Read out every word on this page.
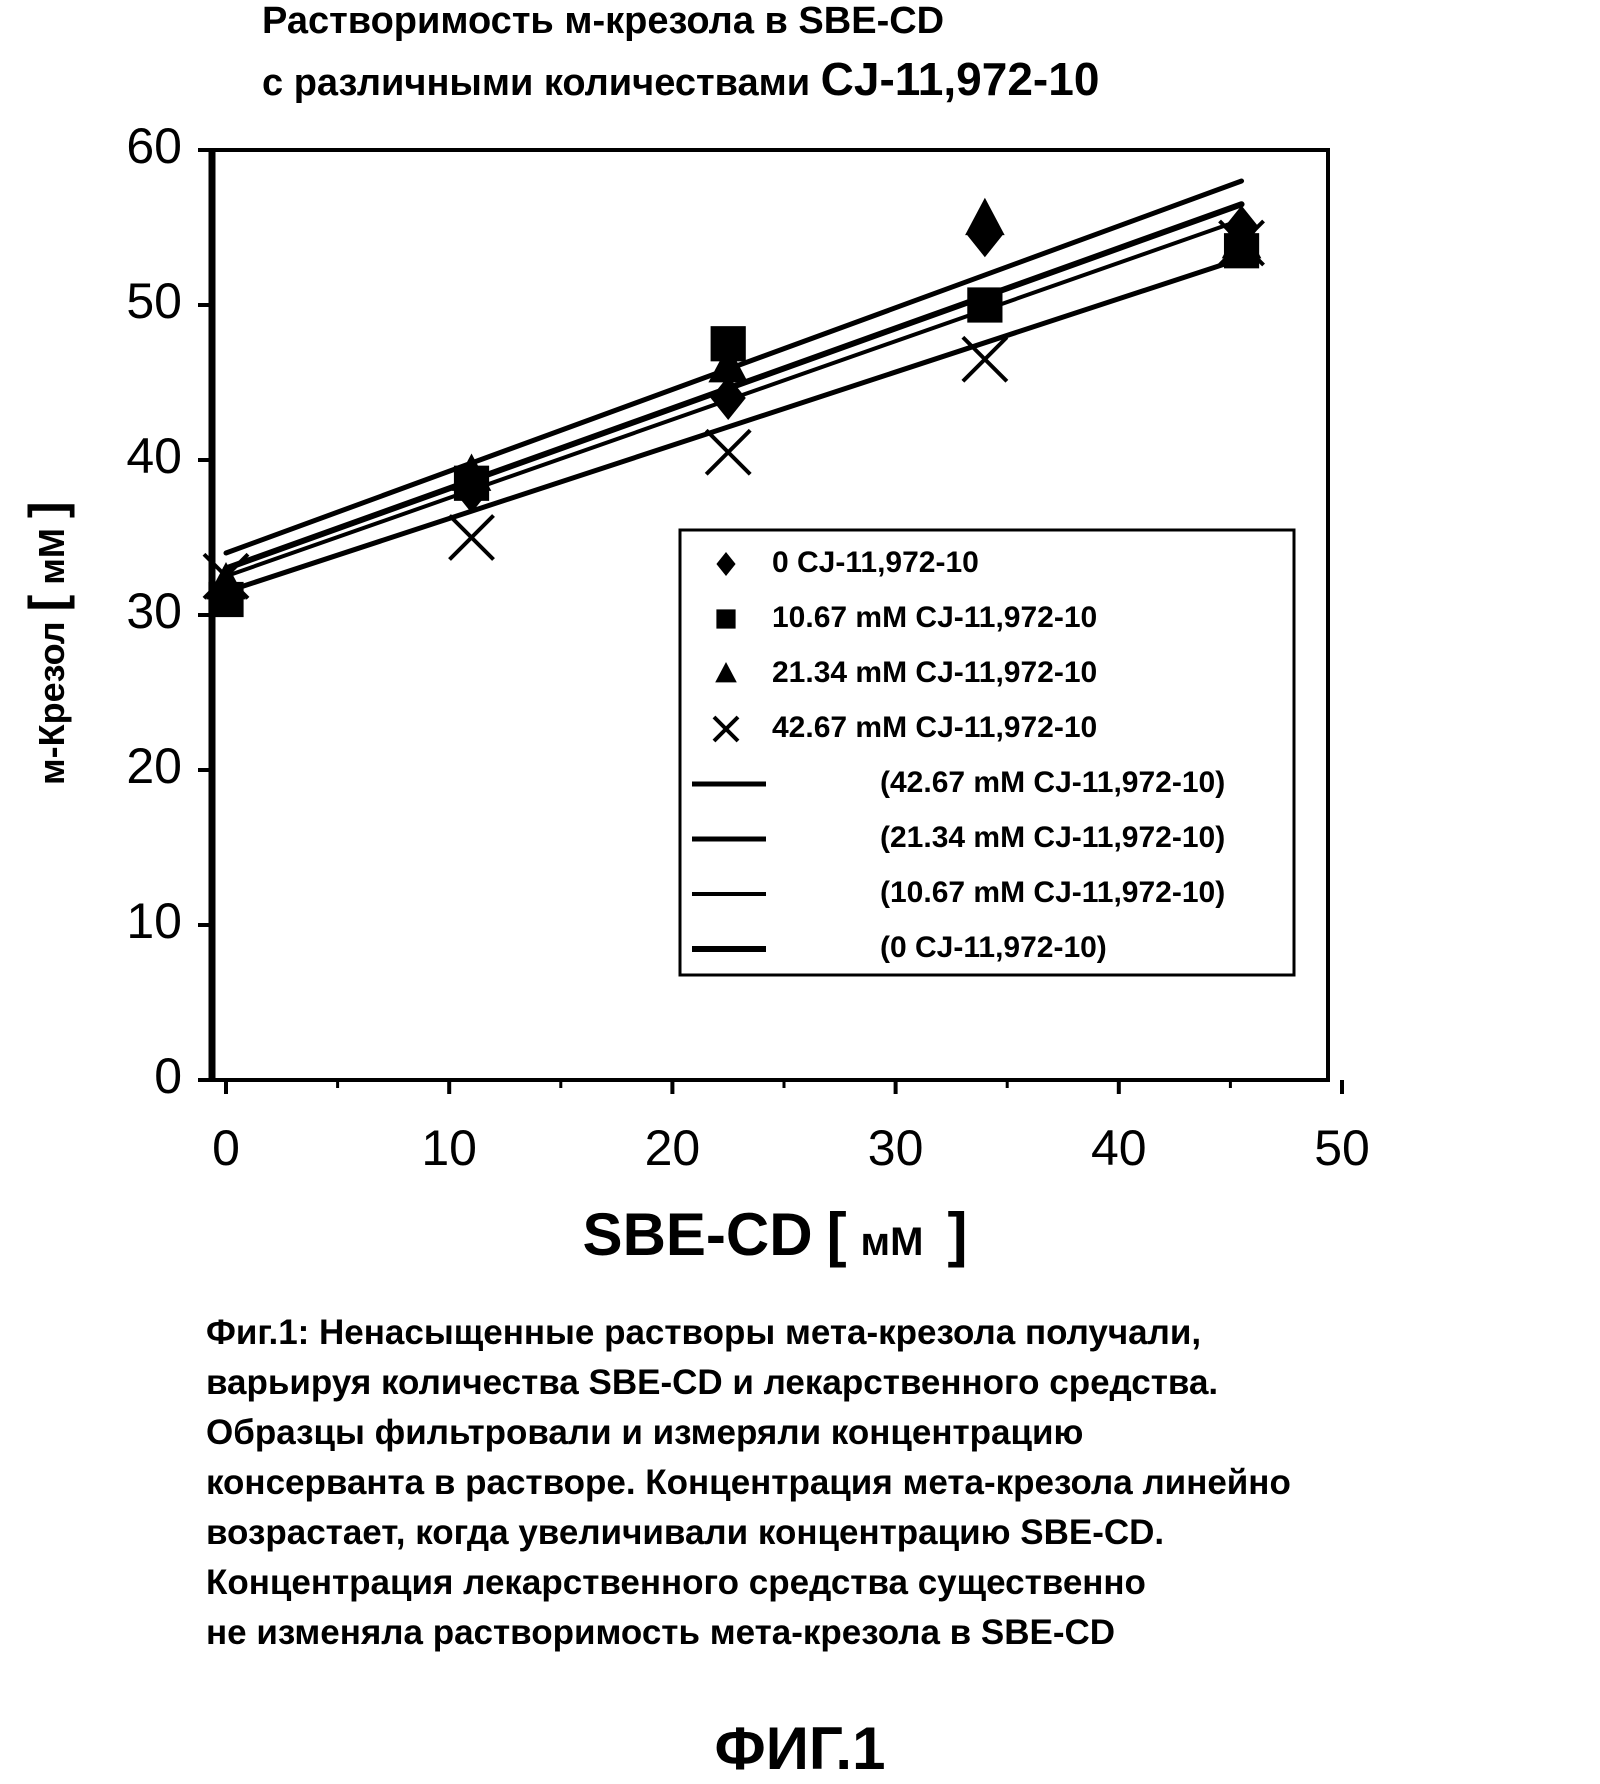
Растворимость м-крезола в SBE-CD
с различными количествами CJ-11,972-10
0
10
20
30
40
50
60
0	10	20	30	40	50
0 CJ-11,972-10
10.67 mM CJ-11,972-10
21.34 mM CJ-11,972-10
42.67 mM CJ-11,972-10
(42.67 mM CJ-11,972-10)
(21.34 mM CJ-11,972-10)
(10.67 mM CJ-11,972-10)
(0 CJ-11,972-10)
м-Крезол[мМ]
SBE-CD [ мМ ]
Фиг.1: Ненасыщенные растворы мета-крезола получали,
варьируя количества SBE-CD и лекарственного средства.
Образцы фильтровали и измеряли концентрацию
консерванта в растворе. Концентрация мета-крезола линейно
возрастает, когда увеличивали концентрацию SBE-CD.
Концентрация лекарственного средства существенно
не изменяла растворимость мета-крезола в SBE-CD
ФИГ.1
